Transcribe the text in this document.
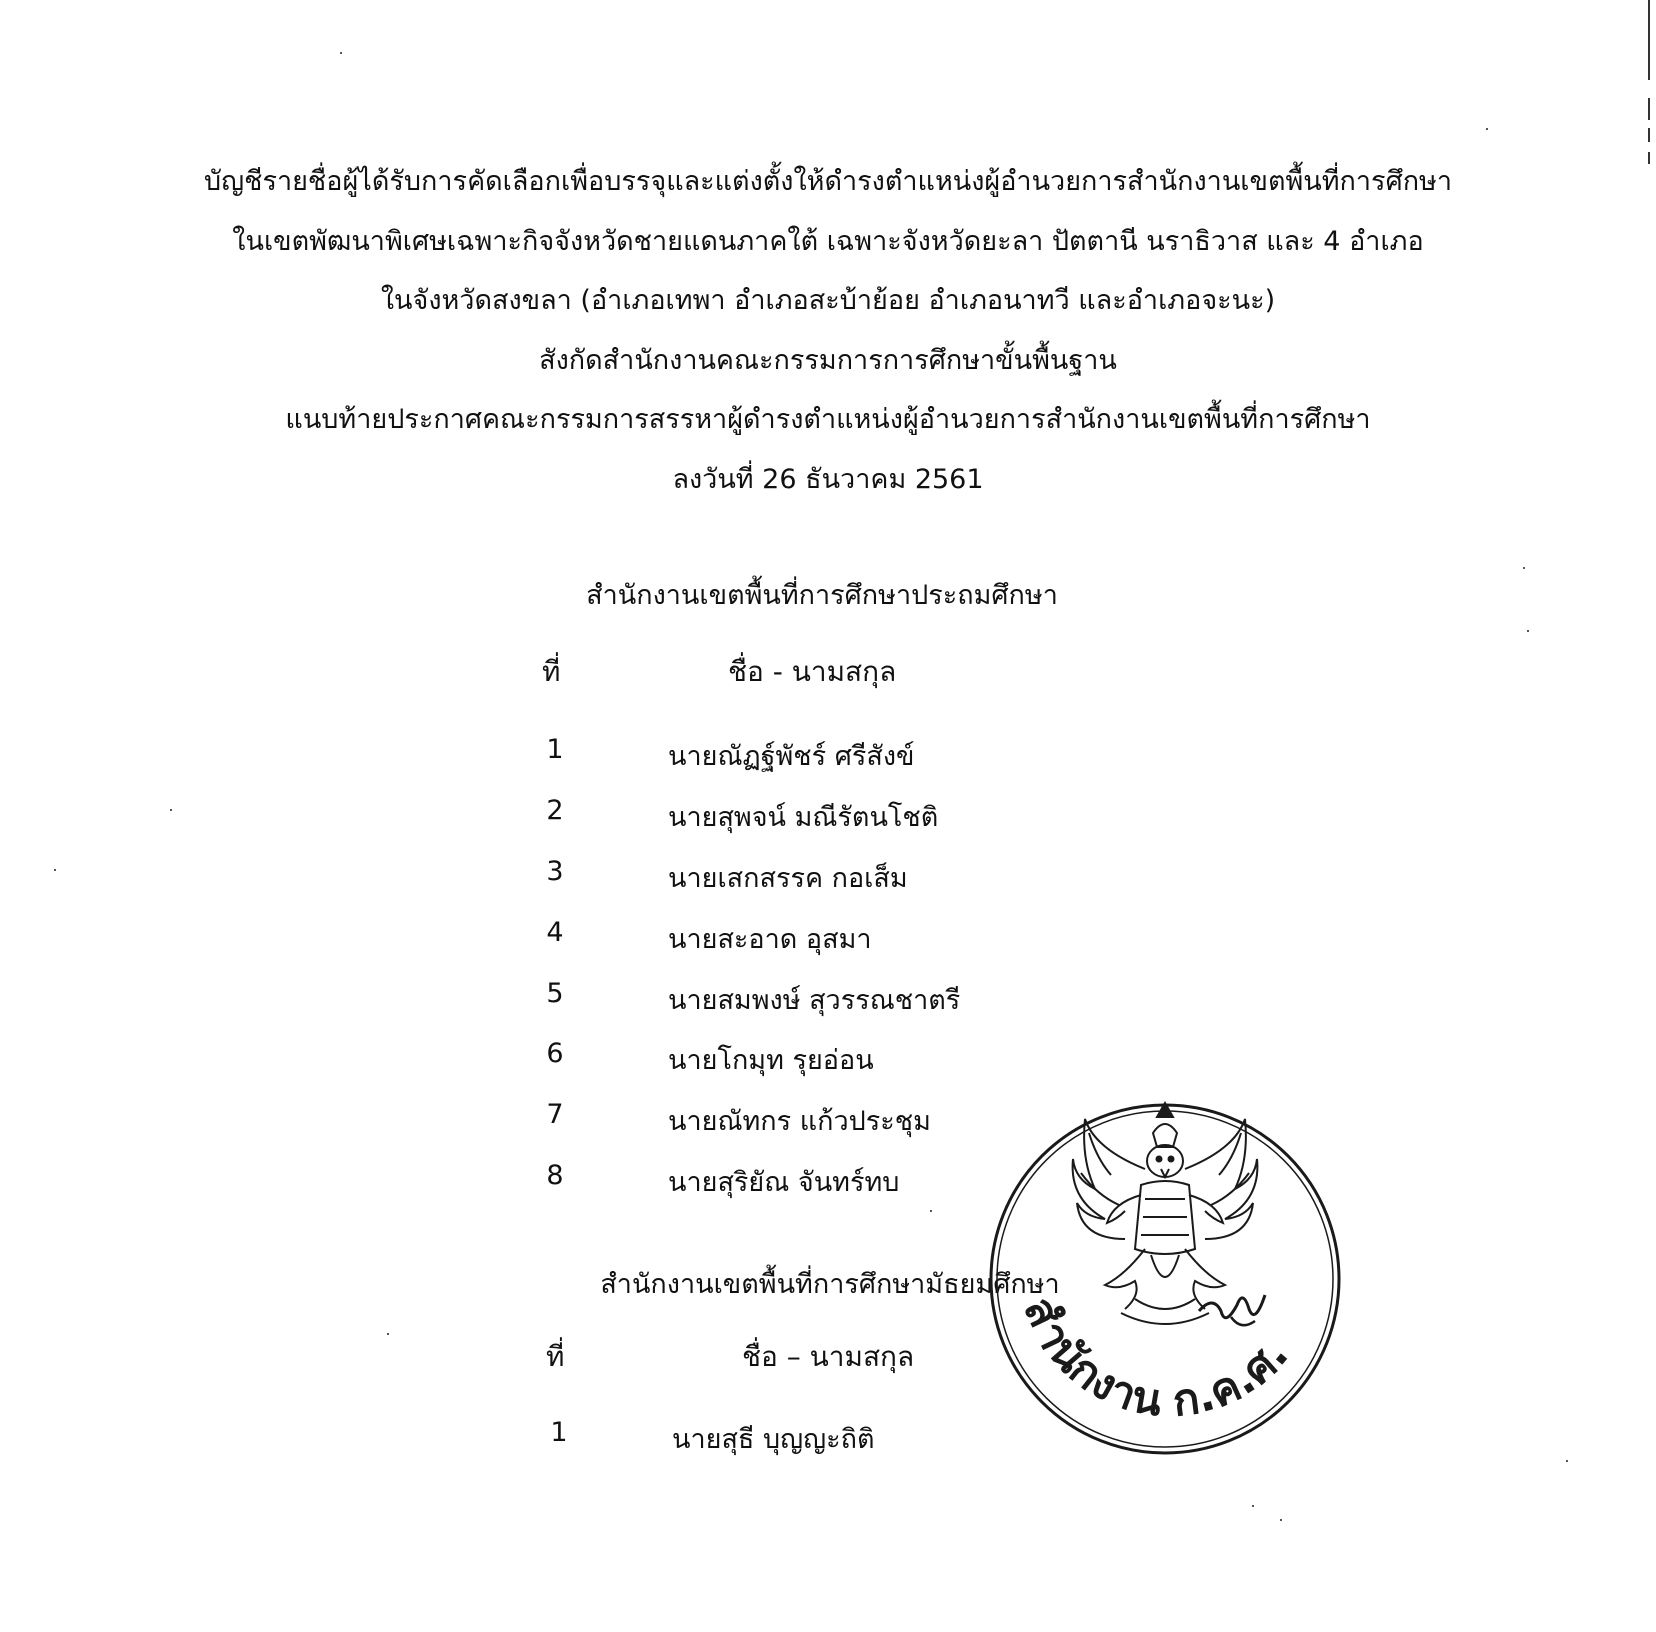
บัญชีรายชื่อผู้ได้รับการคัดเลือกเพื่อบรรจุและแต่งตั้งให้ดำรงตำแหน่งผู้อำนวยการสำนักงานเขตพื้นที่การศึกษา
ในเขตพัฒนาพิเศษเฉพาะกิจจังหวัดชายแดนภาคใต้ เฉพาะจังหวัดยะลา ปัตตานี นราธิวาส และ 4 อำเภอ
ในจังหวัดสงขลา (อำเภอเทพา อำเภอสะบ้าย้อย อำเภอนาทวี และอำเภอจะนะ)
สังกัดสำนักงานคณะกรรมการการศึกษาขั้นพื้นฐาน
แนบท้ายประกาศคณะกรรมการสรรหาผู้ดำรงตำแหน่งผู้อำนวยการสำนักงานเขตพื้นที่การศึกษา
ลงวันที่ 26 ธันวาคม 2561
สำนักงานเขตพื้นที่การศึกษาประถมศึกษา
ที่	ชื่อ - นามสกุล
1	นายณัฏฐ์พัชร์ ศรีสังข์
2	นายสุพจน์ มณีรัตนโชติ
3	นายเสกสรรค กอเส็ม
4	นายสะอาด อุสมา
5	นายสมพงษ์ สุวรรณชาตรี
6	นายโกมุท รุยอ่อน
7	นายณัทกร แก้วประชุม
8	นายสุริยัณ จันทร์ทบ
สำนักงานเขตพื้นที่การศึกษามัธยมศึกษา
ที่	ชื่อ – นามสกุล
1	นายสุธี บุญญะถิติ
สำนักงาน ก.ค.ศ.
